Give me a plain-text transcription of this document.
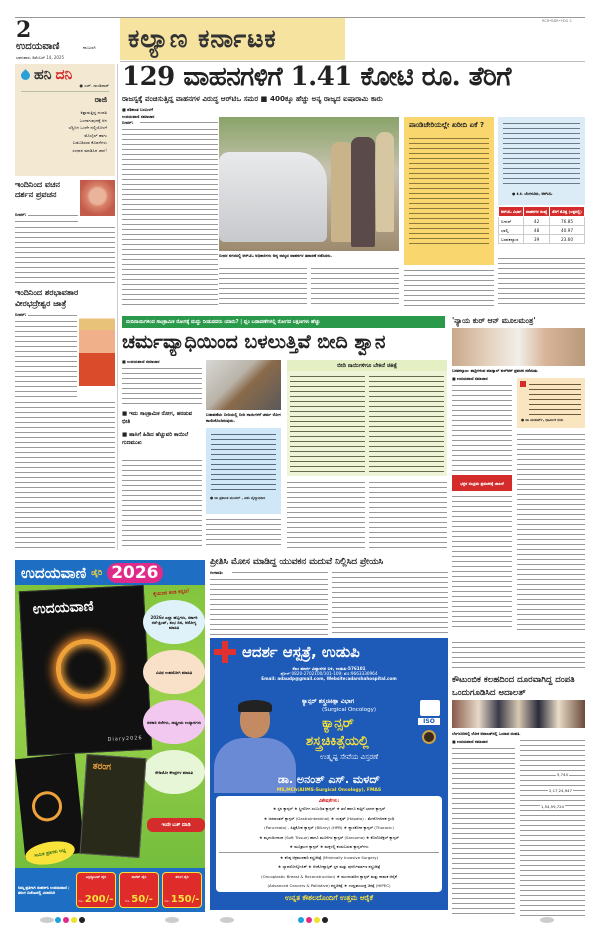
2
ಉದಯವಾಣಿ	ಕಲಬುರಗಿ
ಭಾನುವಾರ, ಡಿಸೆಂಬರ್ 14, 2025
ಕಲ್ಯಾಣ ಕರ್ನಾಟಕ
RCR•BDR•YDG 2
ಹನಿ ದನಿ
● ಎಚ್. ಡುಂಡಿರಾಜ್
ರಾಜಿ
ಕಿತ್ತಾಡುತ್ತಿದ್ದ ದಂಪತಿ
ಒಂದಾಗುವುದಕ್ಕೆ ಆಗ
ಬೆಸ್ಲಿನಿಗ ಒಂದೇ ದಲ್ಲಿಯೊಳಗೆ
ಮೊಬೈಲ್ ಹಾಗು
ಬಡಬಡಿಸುವ ಕೊಡಗೆಗಳು
ಸಂಧಾನ ಮಾಡಿಸಿದ ಜಾಗ!
ಇಂದಿನಿಂದ ವಚನ ದರ್ಶನ ಪ್ರವಚನ
ಬೀದರ್:
ಇಂದಿನಿಂದ ಶರಭಾವತಾರ ವೀರಭದ್ರೇಶ್ವರ ಜಾತ್ರೆ
ಬೀದರ್:
129 ವಾಹನಗಳಿಗೆ 1.41 ಕೋಟಿ ರೂ. ತೆರಿಗೆ
ರಾಜಸ್ವಕ್ಕೆ ವಂಚಿಸುತ್ತಿದ್ದ ವಾಹನಗಳ ವಿರುದ್ಧ ಆರ್‌ಟಿಒ ಸಮರ ■ 400ಕ್ಕೂ ಹೆಚ್ಚು ಅನ್ಯ ರಾಜ್ಯದ ಐಷಾರಾಮಿ ಕಾರು
■ ಶಶಿಕಾಂತ ಬಂಬುಳಗೆ
ಉದಯವಾಣಿ ಸಮಾಚಾರ
ಬೀದರ್:
ಬೀದರ ನಗರದಲ್ಲಿ ಆರ್‌ಟಿಒ ಅಧಿಕಾರಿಗಳು ಅನ್ಯ ರಾಜ್ಯದ ವಾಹನಗಳ ತಪಾಸಣೆ ನಡೆಸಿದರು.
ಪಾಂಡಿಚೇರಿಯಲ್ಲೇ ಖರೀದಿ ಏಕೆ ?
● ಕಿ.ಕಿ. ಬೆಂಗಳೂರು, ಆರ್‌ಟಿಒ
ಆರ್‌ಟಿಒ ವಿಭಾಗ	ವಾಹನಗಳ ಸಂಖ್ಯೆ	ತೆರಿಗೆ ಮೊತ್ತ (ಲಕ್ಷದಲ್ಲಿ)
ಬೀದರ್	42	76.85
ಭಾಲ್ಕಿ	48	40.97
ಬಸವಕಲ್ಯಾಣ	39	23.60
ಬೀದಿನಾಯಿಗಳಿಂದ ಸಾಂಕ್ರಾಮಿಕ ರೋಗಕ್ಕೆ ಮದ್ದು ನೀಡುವವರು ಯಾರು? | ಪ್ಲಂ ಬಡಾವಣೆಗಳಲ್ಲಿ ರೋಗದ ಲಕ್ಷಣಗಳು ಹೆಚ್ಚು
ಚರ್ಮವ್ಯಾಧಿಯಿಂದ ಬಳಲುತ್ತಿವೆ ಬೀದಿ ಶ್ವಾನ
■ ಉದಯವಾಣಿ ಸಮಾಚಾರ
■ ಇದು ಸಾಂಕ್ರಾಮಿಕ ರೋಗ, ಹರಡುವ ಭೀತಿ
■ ಹಾಸಿಗೆ ಹಿಡಿದ ಹೆಚ್ಚುವರಿ ಕಾಯಿಲೆ ಗುಣಮುಖ
ಬಡಾವಣೆಯ ಬೀದಿಯಲ್ಲಿ ಬೀದಿ ನಾಯಿಗಳಿಗೆ ಚರ್ಮ ರೋಗ ಕಾಣಿಸಿಕೊಂಡಿರುವುದು.
● ಡಾ ಪ್ರಶಾಂತ ಮಂಡಲ್ , ಪಶು ವೈದ್ಯಾಧಿಕಾರಿ
ಬೀದಿ ನಾಯಿಗಳಿಗೂ ಬೇಕಿದೆ ಚಿಕಿತ್ಸೆ
'ನ್ಯಾಯ ಕುರ್ ಆನ್ ಮೂಲಮಂತ್ರ'
ಬಸವಕಲ್ಯಾಣ: ಪಾದ್ರಿಗಳಿಂದ ಮಾಡ್ಯಾಲ್ ಕುರ್‌ಆನ್ ಪ್ರವಚನ ನಡೆಯಿತು.
■ ಉದಯವಾಣಿ ಸಮಾಚಾರ
● ಡಾ ಮುಕರ್ಮ್, ಧಾರ್ಮಿಕ ಗುರು
ಭಕ್ತರ ಸಂಭ್ರಮ ಪ್ರವಚನಕ್ಕೆ ಚಾಲನೆ
ಕೌಟುಂಬಿಕ ಕಲಹದಿಂದ ದೂರವಾಗಿದ್ದ ದಂಪತಿ ಒಂದುಗೂಡಿಸಿದ ಅದಾಲತ್
ಬೆಂಗಳೂರಿನಲ್ಲಿ ಲೋಕ ಅದಾಲತ್‌ನಲ್ಲಿ ಒಂದಾದ ದಂಪತಿ.
■ ಉದಯವಾಣಿ ಸಮಾಚಾರ
5,744
2,17,24,947
1,54,59,724
ಪ್ರೀತಿಸಿ ಮೋಸ ಮಾಡಿದ್ದ ಯುವಕನ ಮದುವೆ ನಿಲ್ಲಿಸಿದ ಪ್ರೇಯಸಿ
ಗಂಗಾವತಿ:
ಉದಯವಾಣಿ ಡೈರಿ 2026
ಉದಯವಾಣಿ
Diary2026
ಕೈಯಿಂದ ಕಂಡ ಕನ್ನಡಿ!
2026ರ ಎಲ್ಲಾ ಹಬ್ಬಗಳು, ಸರ್ಕಾರಿ ರಜೆ-ಪ್ರಿಂಟ್, ಶುಭ ದಿನ, ಆರೋಗ್ಯ ಮಾಹಿತಿ
ವಿವಿಧ ಉಪಯೋಗಿ ಮಾಹಿತಿ
ಸರಕಾರಿ ರಜೆಗಳು, ರಾಷ್ಟ್ರೀಯ ಉದ್ಯಾನಗಳು
ರೇಡಿಯೋ ಕೇಂದ್ರಗಳ ಮಾಹಿತಿ
ತರಂಗ
ಸೀಮಿತ ಪ್ರತಿಗಳು ಲಭ್ಯ
ಇಂದೇ ಬುಕ್ ಮಾಡಿ
ನಿಮ್ಮ ಪ್ರತಿಗಾಗಿ ಸಂಪರ್ಕಿಸಿ ಉದಯವಾಣಿ / ತರಂಗ ಏಜೆಂಟರಲ್ಲಿ ವಿಚಾರಿಸಿರಿ
ಎಕ್ಸಿಕ್ಯೂಟಿವ್ ಡೈರಿ
ರೂ. 200/-
ಪಾಕೆಟ್ ಡೈರಿ
ರೂ. 50/-
ತರಂಗ ಡೈರಿ
ರೂ. 150/-
ಆದರ್ಶ ಆಸ್ಪತ್ರೆ, ಉಡುಪಿ
ಕೆಎಂ ಮಾರ್ಗ ವಿದ್ಯಾನಗರ ಬಳಿ, ಉಡುಪಿ-576101
ಫೋನ್:0820-2702100/101-109; ಮೊ:9663330964
Email: adaudp@gmail.com, Website:adarshahospital.com
ಕ್ಯಾನ್ಸರ್ ಶಸ್ತ್ರಚಿಕಿತ್ಸಾ ವಿಭಾಗ
(Surgical Oncology)
ಕ್ಯಾನ್ಸರ್
ಶಸ್ತ್ರಚಿಕಿತ್ಸೆಯಲ್ಲಿ
ಉತ್ಕೃಷ್ಟ ಸೇವೆಯ ವಿಸ್ತರಣೆ
ISO
ಡಾ. ಅನಂತ್ ಎಸ್. ಮಳದ್
MS,MCh(AIIMS-Surgical Oncology), FMAS
ವಿಶೇಷತೆಗಳು:
★ ಸ್ತನ ಕ್ಯಾನ್ಸರ್ ★ ಸ್ತ್ರೀರೋಗ ಸಂಬಂಧಿತ ಕ್ಯಾನ್ಸರ್ ★ ತಲೆ ಹಾಗೂ ಕುತ್ತಿಗೆ ಭಾಗದ ಕ್ಯಾನ್ಸರ್
★ ಜಠರಾಂತರ್ ಕ್ಯಾನ್ಸರ್ (Gastrointestinal) ★ ಯಕೃತ್ (Hepato) - ಮೇದೋಜೀರಕ ಗ್ರಂಥಿ
(Pancreato) - ಪಿತ್ತಕೋಶ ಕ್ಯಾನ್ಸರ್ (Biliary) (HPB) ★ ಶ್ವಾಸಕೋಶ ಕ್ಯಾನ್ಸರ್ (Thoracic)
★ ಮೃದುಅಂಗಾಂಶ (Soft Tissue) ಹಾಗೂ ಮೂಳೆಗಳ ಕ್ಯಾನ್ಸರ್ (Sarcoma) ★ ಕೊಲೊರೆಕ್ಟಲ್ ಕ್ಯಾನ್ಸರ್
★ ಮೂತ್ರಾಂಗ ಕ್ಯಾನ್ಸರ್ ★ ಮಕ್ಕಳಲ್ಲಿ ಕಂಡುಬರುವ ಕ್ಯಾನ್ಸರ್‌ಗಳು
★ ಕನಿಷ್ಠ ಆಕ್ರಮಣಕಾರಿ ಶಸ್ತ್ರಚಿಕಿತ್ಸೆ (Minimally Invasive Surgery)
★ ಲ್ಯಾಪರೋಸ್ಕೋಪಿಕ್ ★ ಆಂಕೋಪ್ಲಾಸ್ಟಿಕ್ ಸ್ತನ ಮತ್ತು ಪುನರ್ನಿರ್ಮಾಣ ಶಸ್ತ್ರಚಿಕಿತ್ಸೆ
(Oncoplastic Breast & Reconstruction) ★ ಮುಂದುವರಿದ ಕ್ಯಾನ್ಸರ್ ಮತ್ತು ಶಾಮಕ ಆರೈಕೆ
(Advanced Cancers & Palliative) ಶಸ್ತ್ರಚಿಕಿತ್ಸೆ ★ ಉಷ್ಣತಾಯುಕ್ತ ಚಿಕಿತ್ಸೆ (HIPEC)
ಉನ್ನತ ಕೌಶಲದೊಂದಿಗೆ ಉತ್ತಮ ಆರೈಕೆ
